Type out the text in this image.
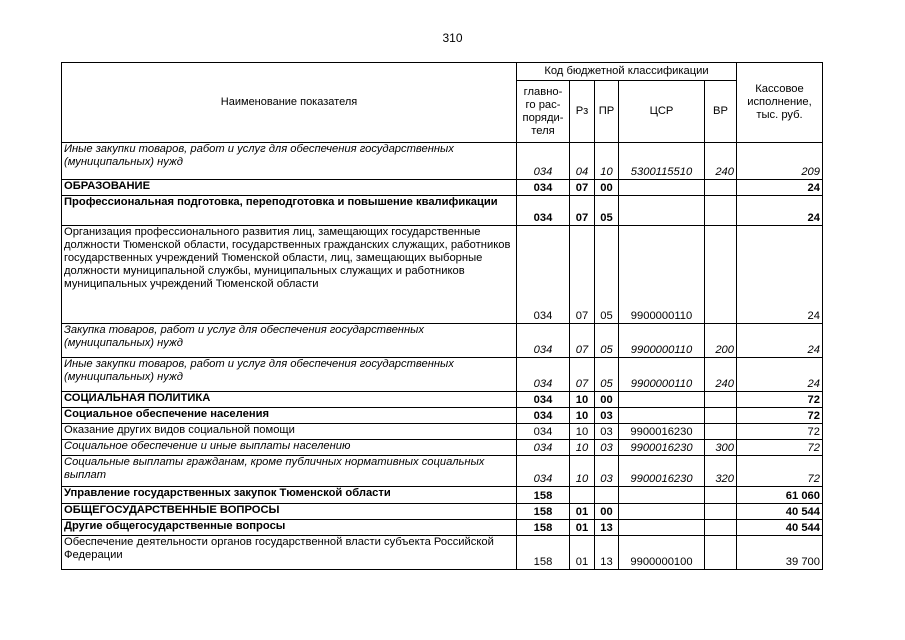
310
Наименование показателя	Код бюджетной классификации					Кассовое исполнение, тыс. руб.
	главно-го рас-поряди-теля	Рз	ПР	ЦСР	ВР	
Иные закупки товаров, работ и услуг для обеспечения государственных (муниципальных) нужд	034	04	10	5300115510	240	209
ОБРАЗОВАНИЕ	034	07	00			24
Профессиональная подготовка, переподготовка и повышение квалификации	034	07	05			24
Организация профессионального развития лиц, замещающих государственные должности Тюменской области, государственных гражданских служащих, работников государственных учреждений Тюменской области, лиц, замещающих выборные должности муниципальной службы, муниципальных служащих и работников муниципальных учреждений Тюменской области	034	07	05	9900000110		24
Закупка товаров, работ и услуг для обеспечения государственных (муниципальных) нужд	034	07	05	9900000110	200	24
Иные закупки товаров, работ и услуг для обеспечения государственных (муниципальных) нужд	034	07	05	9900000110	240	24
СОЦИАЛЬНАЯ ПОЛИТИКА	034	10	00			72
Социальное обеспечение населения	034	10	03			72
Оказание других видов социальной помощи	034	10	03	9900016230		72
Социальное обеспечение и иные выплаты населению	034	10	03	9900016230	300	72
Социальные выплаты гражданам, кроме публичных нормативных социальных выплат	034	10	03	9900016230	320	72
Управление государственных закупок Тюменской области	158					61 060
ОБЩЕГОСУДАРСТВЕННЫЕ ВОПРОСЫ	158	01	00			40 544
Другие общегосударственные вопросы	158	01	13			40 544
Обеспечение деятельности органов государственной власти субъекта Российской Федерации	158	01	13	9900000100		39 700
